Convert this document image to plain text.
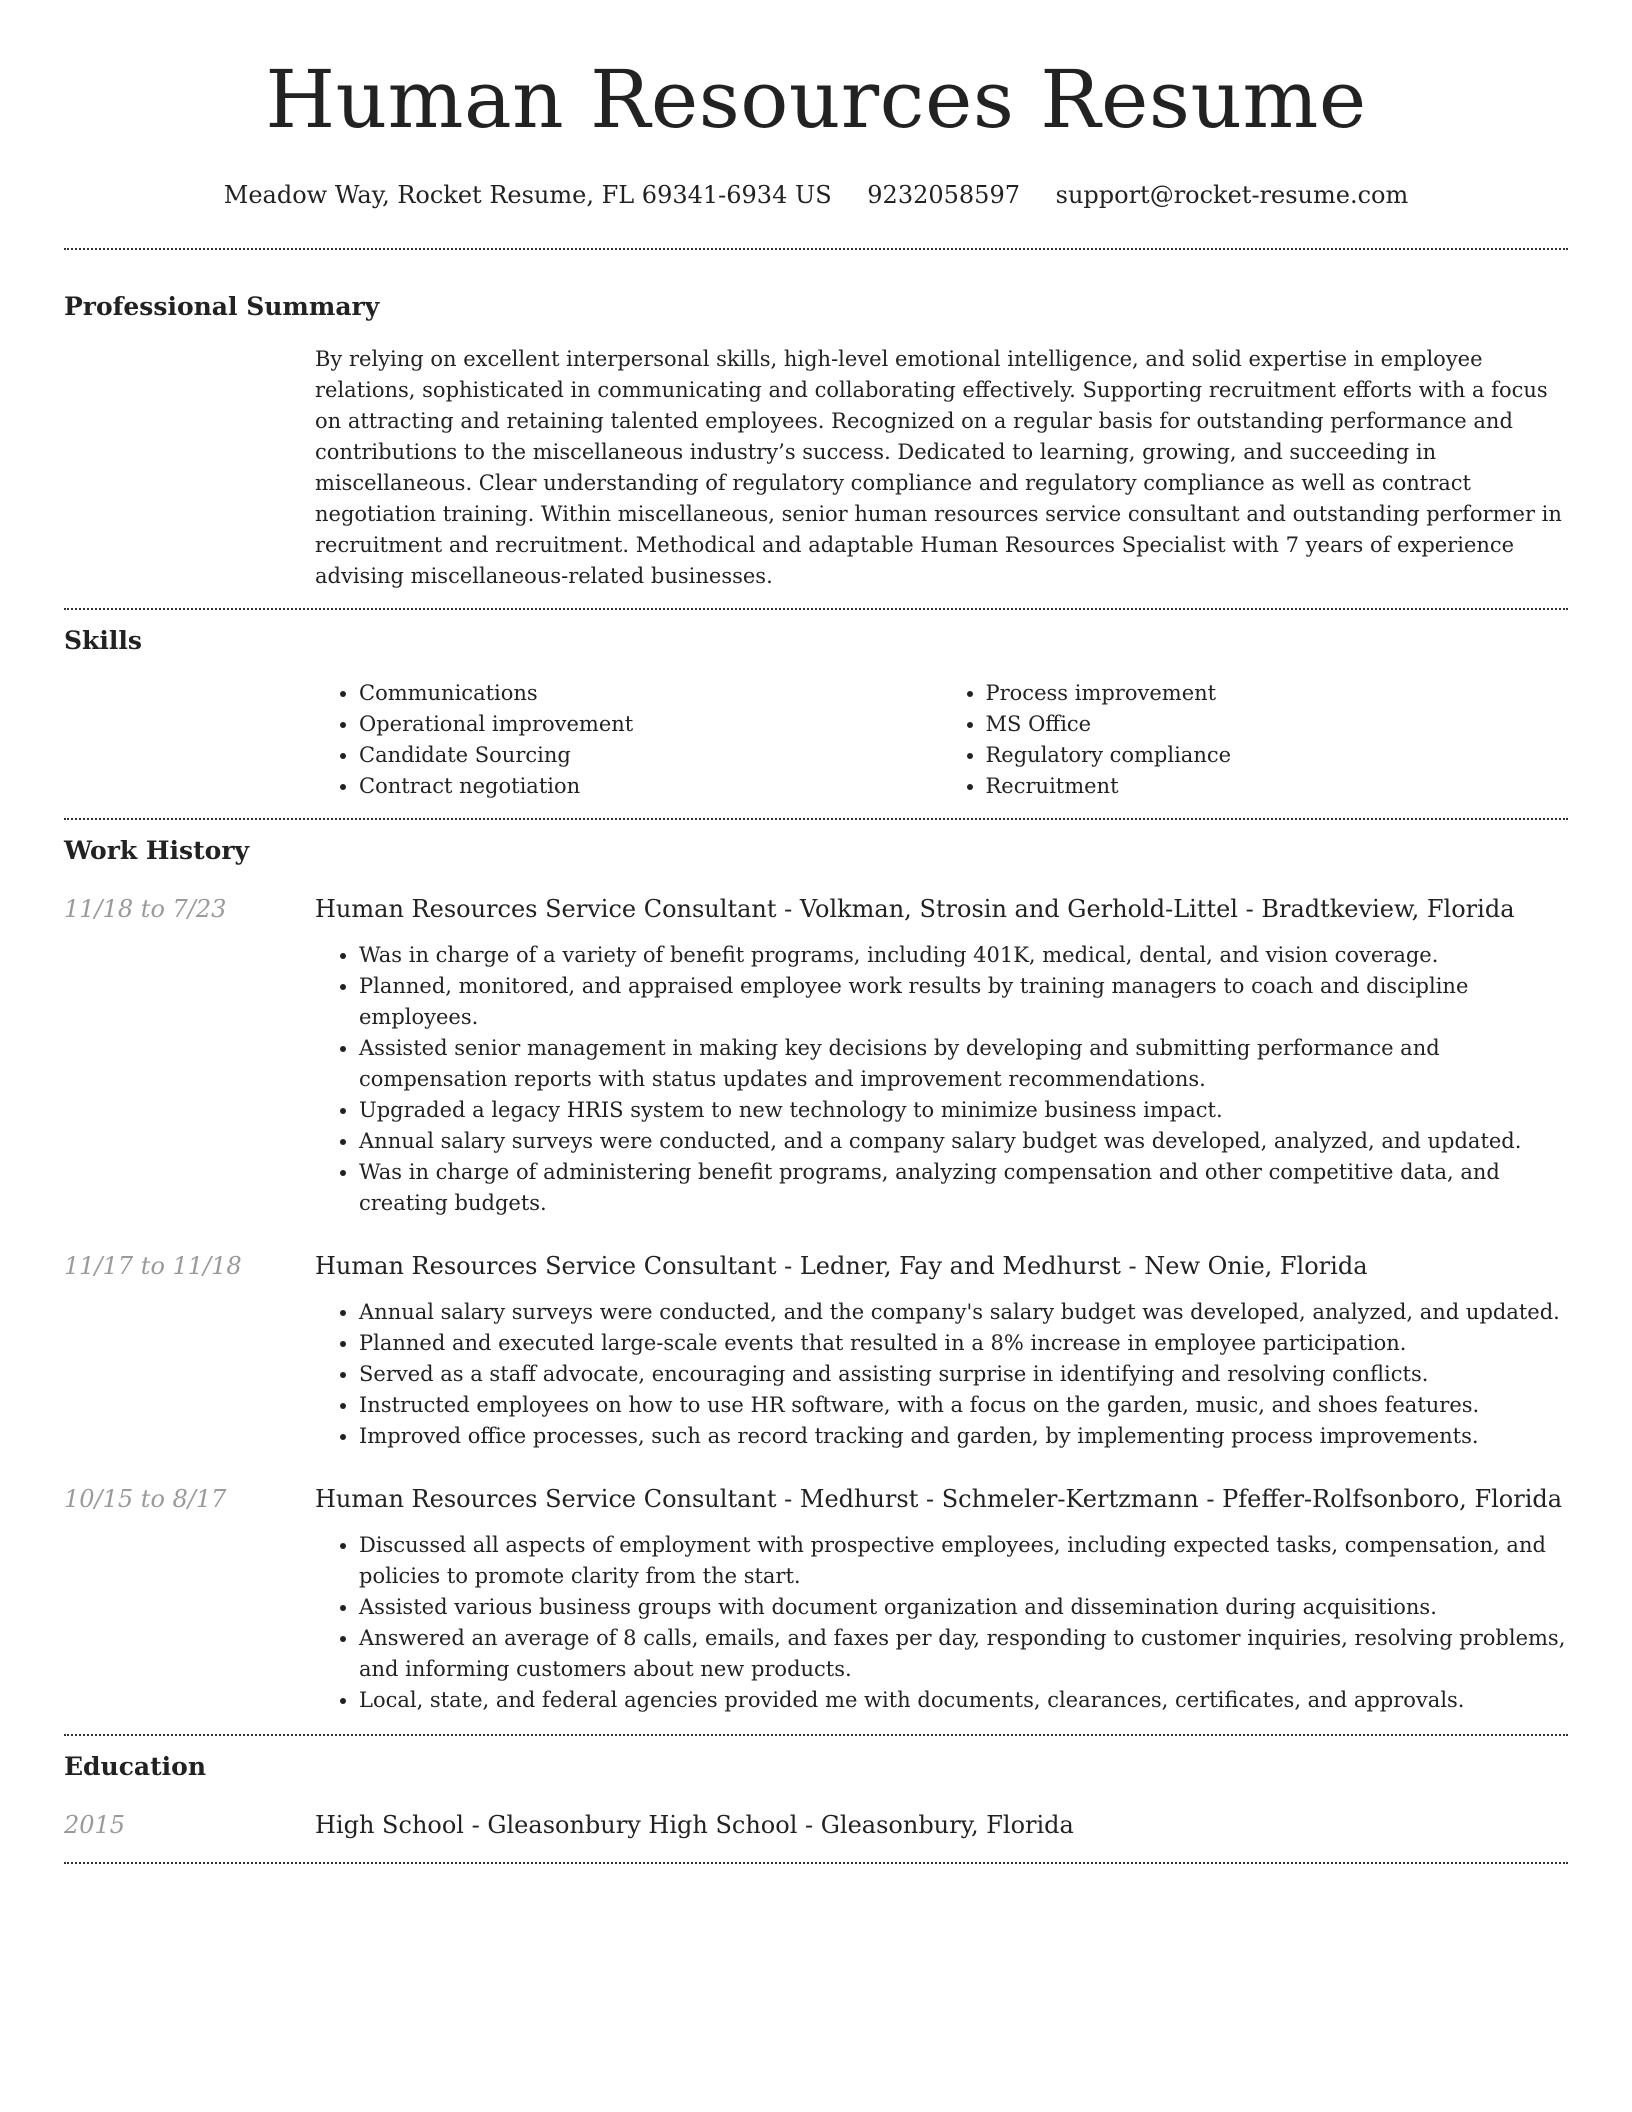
Human Resources Resume
Meadow Way, Rocket Resume, FL 69341-6934 US 9232058597 support@rocket-resume.com
Professional Summary
By relying on excellent interpersonal skills, high-level emotional intelligence, and solid expertise in employee relations, sophisticated in communicating and collaborating effectively. Supporting recruitment efforts with a focus on attracting and retaining talented employees. Recognized on a regular basis for outstanding performance and contributions to the miscellaneous industry’s success. Dedicated to learning, growing, and succeeding in miscellaneous. Clear understanding of regulatory compliance and regulatory compliance as well as contract negotiation training. Within miscellaneous, senior human resources service consultant and outstanding performer in recruitment and recruitment. Methodical and adaptable Human Resources Specialist with 7 years of experience advising miscellaneous-related businesses.
Skills
• Communications
• Operational improvement
• Candidate Sourcing
• Contract negotiation
• Process improvement
• MS Office
• Regulatory compliance
• Recruitment
Work History
11/18 to 7/23	Human Resources Service Consultant - Volkman, Strosin and Gerhold-Littel - Bradtkeview, Florida
• Was in charge of a variety of benefit programs, including 401K, medical, dental, and vision coverage.
• Planned, monitored, and appraised employee work results by training managers to coach and discipline employees.
• Assisted senior management in making key decisions by developing and submitting performance and compensation reports with status updates and improvement recommendations.
• Upgraded a legacy HRIS system to new technology to minimize business impact.
• Annual salary surveys were conducted, and a company salary budget was developed, analyzed, and updated.
• Was in charge of administering benefit programs, analyzing compensation and other competitive data, and creating budgets.
11/17 to 11/18	Human Resources Service Consultant - Ledner, Fay and Medhurst - New Onie, Florida
• Annual salary surveys were conducted, and the company's salary budget was developed, analyzed, and updated.
• Planned and executed large-scale events that resulted in a 8% increase in employee participation.
• Served as a staff advocate, encouraging and assisting surprise in identifying and resolving conflicts.
• Instructed employees on how to use HR software, with a focus on the garden, music, and shoes features.
• Improved office processes, such as record tracking and garden, by implementing process improvements.
10/15 to 8/17	Human Resources Service Consultant - Medhurst - Schmeler-Kertzmann - Pfeffer-Rolfsonboro, Florida
• Discussed all aspects of employment with prospective employees, including expected tasks, compensation, and policies to promote clarity from the start.
• Assisted various business groups with document organization and dissemination during acquisitions.
• Answered an average of 8 calls, emails, and faxes per day, responding to customer inquiries, resolving problems, and informing customers about new products.
• Local, state, and federal agencies provided me with documents, clearances, certificates, and approvals.
Education
2015	High School - Gleasonbury High School - Gleasonbury, Florida
